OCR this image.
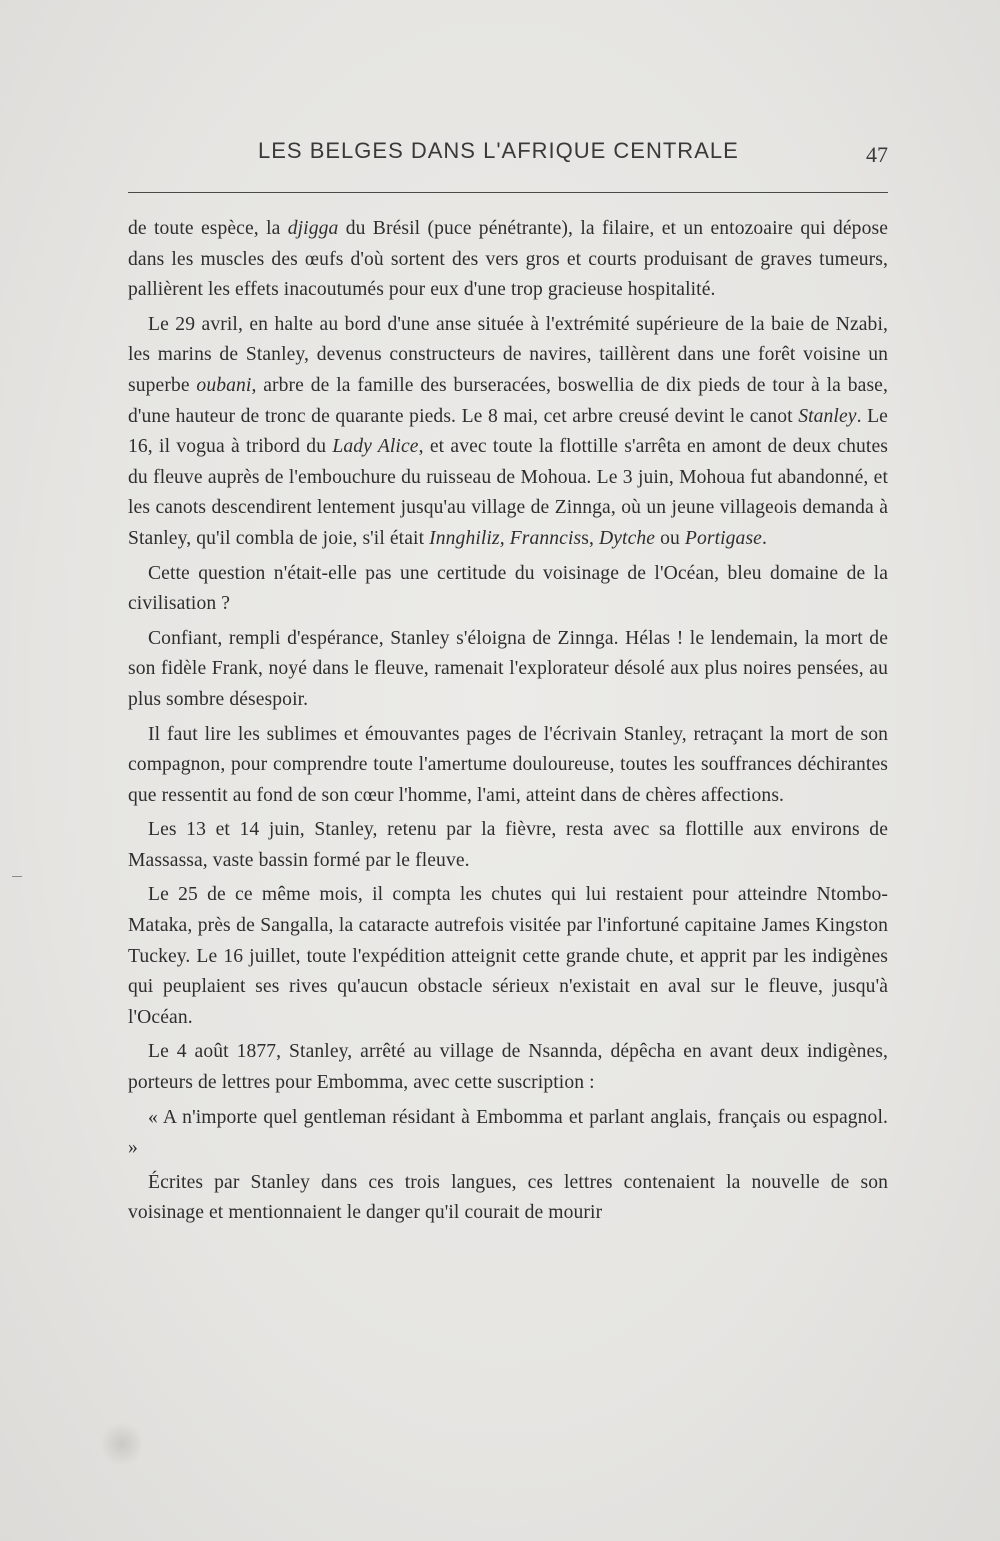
LES BELGES DANS L'AFRIQUE CENTRALE	47

de toute espèce, la djigga du Brésil (puce pénétrante), la filaire, et un entozoaire qui dépose dans les muscles des œufs d'où sortent des vers gros et courts produisant de graves tumeurs, pallièrent les effets inacoutumés pour eux d'une trop gracieuse hospitalité.

Le 29 avril, en halte au bord d'une anse située à l'extrémité supérieure de la baie de Nzabi, les marins de Stanley, devenus constructeurs de navires, taillèrent dans une forêt voisine un superbe oubani, arbre de la famille des burseracées, boswellia de dix pieds de tour à la base, d'une hauteur de tronc de quarante pieds. Le 8 mai, cet arbre creusé devint le canot Stanley. Le 16, il vogua à tribord du Lady Alice, et avec toute la flottille s'arrêta en amont de deux chutes du fleuve auprès de l'embouchure du ruisseau de Mohoua. Le 3 juin, Mohoua fut abandonné, et les canots descendirent lentement jusqu'au village de Zinnga, où un jeune villageois demanda à Stanley, qu'il combla de joie, s'il était Innghiliz, Frannciss, Dytche ou Portigase.

Cette question n'était-elle pas une certitude du voisinage de l'Océan, bleu domaine de la civilisation ?

Confiant, rempli d'espérance, Stanley s'éloigna de Zinnga. Hélas ! le lendemain, la mort de son fidèle Frank, noyé dans le fleuve, ramenait l'explorateur désolé aux plus noires pensées, au plus sombre désespoir.

Il faut lire les sublimes et émouvantes pages de l'écrivain Stanley, retraçant la mort de son compagnon, pour comprendre toute l'amertume douloureuse, toutes les souffrances déchirantes que ressentit au fond de son cœur l'homme, l'ami, atteint dans de chères affections.

Les 13 et 14 juin, Stanley, retenu par la fièvre, resta avec sa flottille aux environs de Massassa, vaste bassin formé par le fleuve.

Le 25 de ce même mois, il compta les chutes qui lui restaient pour atteindre Ntombo-Mataka, près de Sangalla, la cataracte autrefois visitée par l'infortuné capitaine James Kingston Tuckey. Le 16 juillet, toute l'expédition atteignit cette grande chute, et apprit par les indigènes qui peuplaient ses rives qu'aucun obstacle sérieux n'existait en aval sur le fleuve, jusqu'à l'Océan.

Le 4 août 1877, Stanley, arrêté au village de Nsannda, dépêcha en avant deux indigènes, porteurs de lettres pour Embomma, avec cette suscription :

« A n'importe quel gentleman résidant à Embomma et parlant anglais, français ou espagnol. »

Écrites par Stanley dans ces trois langues, ces lettres contenaient la nouvelle de son voisinage et mentionnaient le danger qu'il courait de mourir
